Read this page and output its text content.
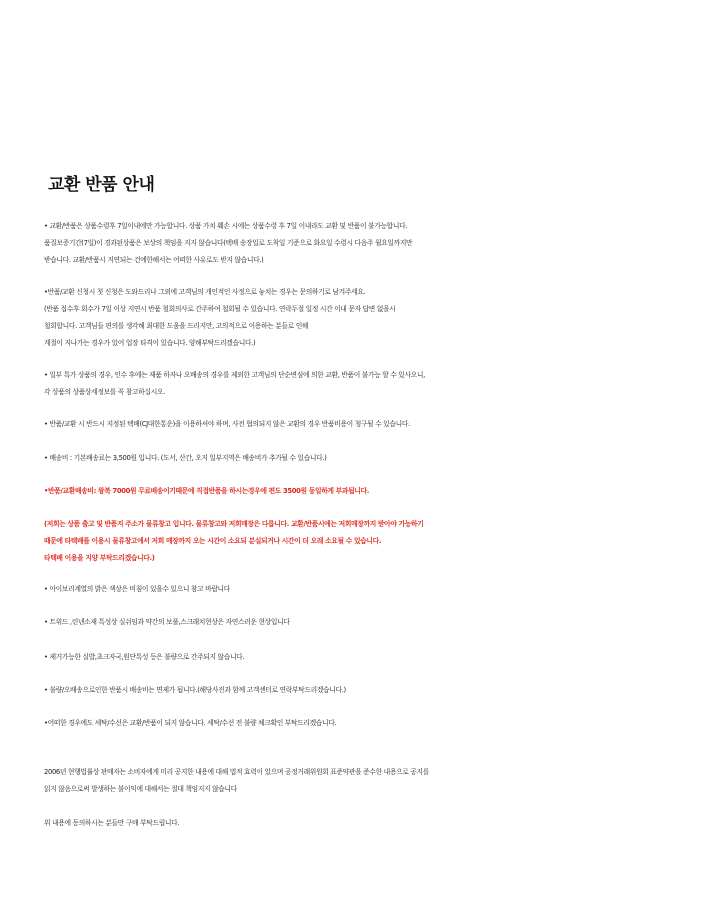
교환 반품 안내
• 교환/반품은 상품수령후 7일이내에만 가능합니다. 상품 가치 훼손 시에는 상품수령 후 7일 이내라도 교환 및 반품이 불가능합니다.
품질보증기간(7일)이 경과된상품은 보상의 책임을 지지 않습니다(택배 송장일로 도착일 기준으로 화요일 수령시 다음주 월요일까지만
받습니다. 교환/반품시 지연되는 건에한해서는 어떠한 사유로도 받지 않습니다.)
•반품/교환 신청시 첫 신청은 도와드리나 그외에 고객님의 개인적인 사정으로 놓치는 경우는 문의하기로 남겨주세요.
(반품 접수후 회수가 7일 이상 지연시 반품 철회의사로 간주하여 철회될 수 있습니다. 연락두절 일정 시간 이내 문자 답변 없을시
철회합니다. 고객님들 편의를 생각해 최대한 도움을 드리지만, 고의적으로 이용하는 분들로 인해
계절이 지나가는 경우가 있어 업장 타격이 있습니다. 양해부탁드리겠습니다.)
• 일부 특가 상품의 경우, 인수 후에는 제품 하자나 오배송의 경우를 제외한 고객님의 단순변심에 의한 교환, 반품이 불가능 할 수 있사오니,
각 상품의 상품상세정보를 꼭 참고하십시오.
• 반품/교환 시 반드시 지정된 택배(CJ대한통운)을 이용하셔야 하며, 사전 협의되지 않은 교환의 경우 반품비용이 청구될 수 있습니다.
• 배송비 : 기본배송료는 3,500원 입니다. (도서, 산간, 오지 일부지역은 배송비가 추가될 수 있습니다.)
•반품/교환배송비: 왕복 7000원 무료배송이기때문에 직접반품을 하시는경우에 편도 3500원 동일하게 부과됩니다.
(저희는 상품 출고 및 반품지 주소가 물류창고 입니다. 물류창고와 저희매장은 다릅니다. 교환/반품시에는 저희매장까지 받아야 가능하기
때문에 타택배를 이용시 물류창고에서 저희 매장까지 오는 시간이 소요되 분실되거나 시간이 더 오래 소요될 수 있습니다.
타택배 이용을 지양 부탁드리겠습니다.)
• 아이보리계열의 밝은 색상은 비침이 있을수 있으니 참고 바랍니다
• 트위드 ,린넨소재 특성상 실쉬임과 약간의 보풀,스크래치현상은 자연스러운 현상입니다
• 제거가능한 실밥,초크자국,원단특성 등은 불량으로 간주되지 않습니다.
• 불량/오배송으로인한 반품시 배송비는 면제가 됩니다.(해당사진과 함께 고객센터로 연락부탁드리겠습니다.)
•어떠한 경우에도 세탁/수선은 교환/반품이 되지 않습니다. 세탁/수선 전 불량 체크확인 부탁드리겠습니다.
2006년 현행법률상 판매자는 소비자에게 미리 공지한 내용에 대해 법적 효력이 있으며 공정거래위원회 표준약관을 준수한 내용으로 공지를
읽지 않음으로써 발생하는 불이익에 대해서는 절대 책임지지 않습니다
위 내용에 동의하시는 분들만 구매 부탁드립니다.
